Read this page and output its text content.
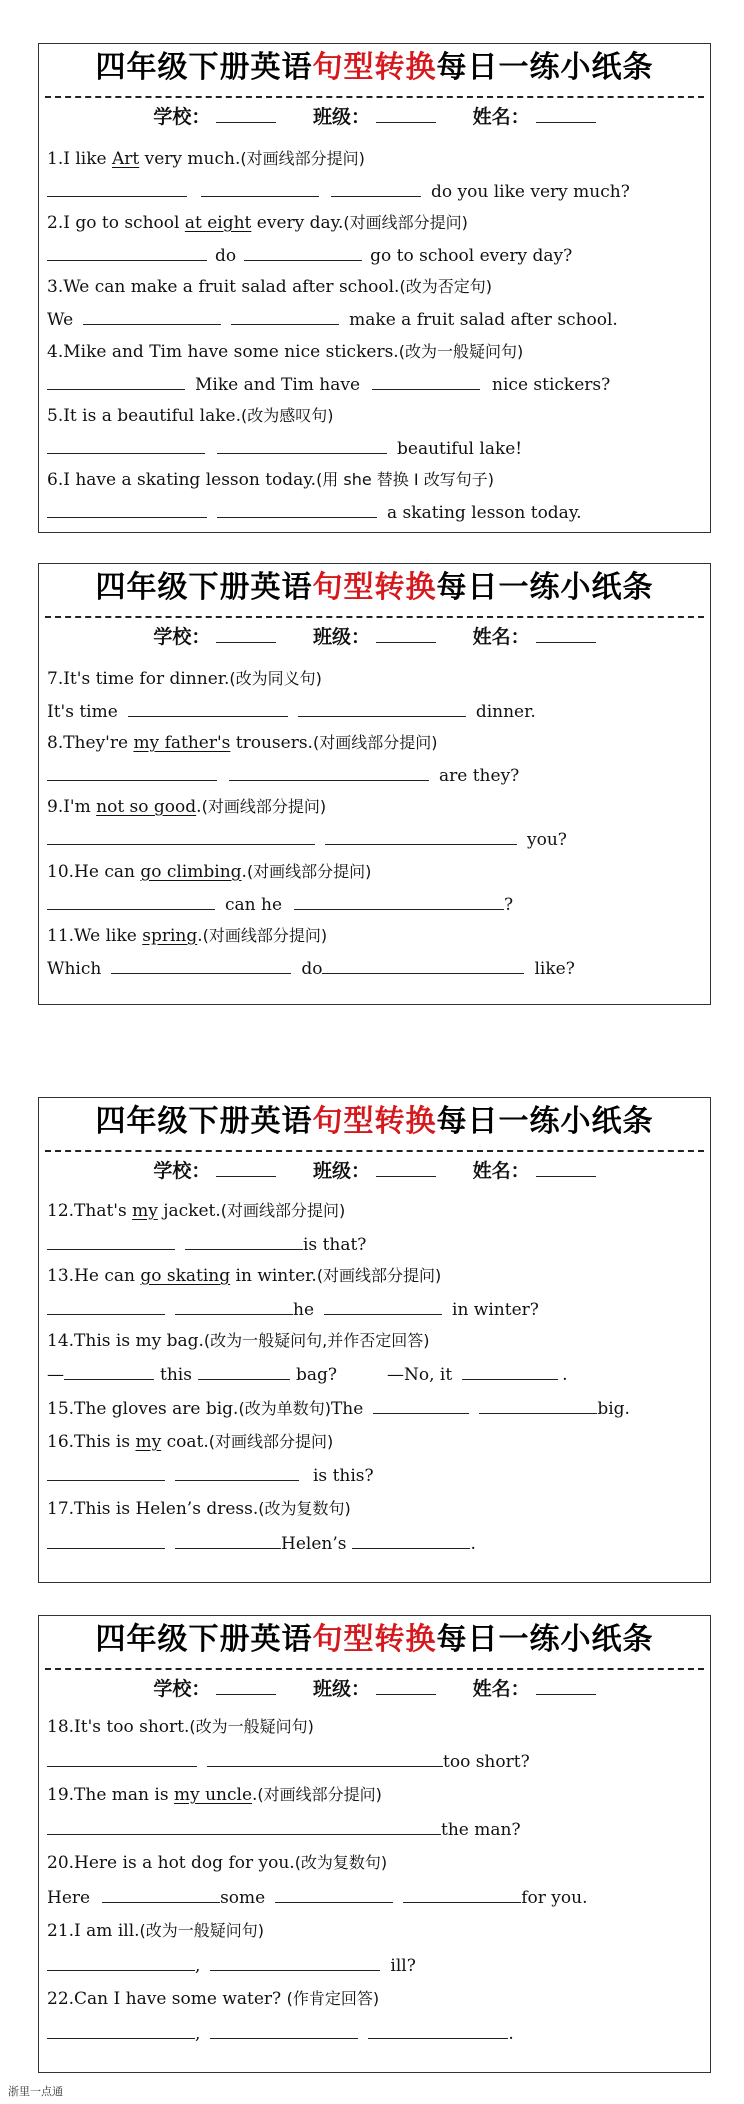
四年级下册英语句型转换每日一练小纸条
学校：	班级：	姓名：
1.I like Art very much.(对画线部分提问)
do you like very much?
2.I go to school at eight every day.(对画线部分提问)
do	go to school every day?
3.We can make a fruit salad after school.(改为否定句)
We	make a fruit salad after school.
4.Mike and Tim have some nice stickers.(改为一般疑问句)
Mike and Tim have	nice stickers?
5.It is a beautiful lake.(改为感叹句)
beautiful lake!
6.I have a skating lesson today.(用 she 替换 I 改写句子)
a skating lesson today.
四年级下册英语句型转换每日一练小纸条
学校：	班级：	姓名：
7.It's time for dinner.(改为同义句)
It's time	dinner.
8.They're my father's trousers.(对画线部分提问)
are they?
9.I'm not so good.(对画线部分提问)
you?
10.He can go climbing.(对画线部分提问)
can he	?
11.We like spring.(对画线部分提问)
Which	do	like?
四年级下册英语句型转换每日一练小纸条
学校：	班级：	姓名：
12.That's my jacket.(对画线部分提问)
is that?
13.He can go skating in winter.(对画线部分提问)
he	in winter?
14.This is my bag.(改为一般疑问句,并作否定回答)
—	this	bag?	—No, it	.
15.The gloves are big.(改为单数句)The	big.
16.This is my coat.(对画线部分提问)
is this?
17.This is Helen’s dress.(改为复数句)
Helen’s	.
四年级下册英语句型转换每日一练小纸条
学校：	班级：	姓名：
18.It's too short.(改为一般疑问句)
too short?
19.The man is my uncle.(对画线部分提问)
the man?
20.Here is a hot dog for you.(改为复数句)
Here	some	for you.
21.I am ill.(改为一般疑问句)
,	ill?
22.Can I have some water? (作肯定回答)
,	.
浙里一点通
